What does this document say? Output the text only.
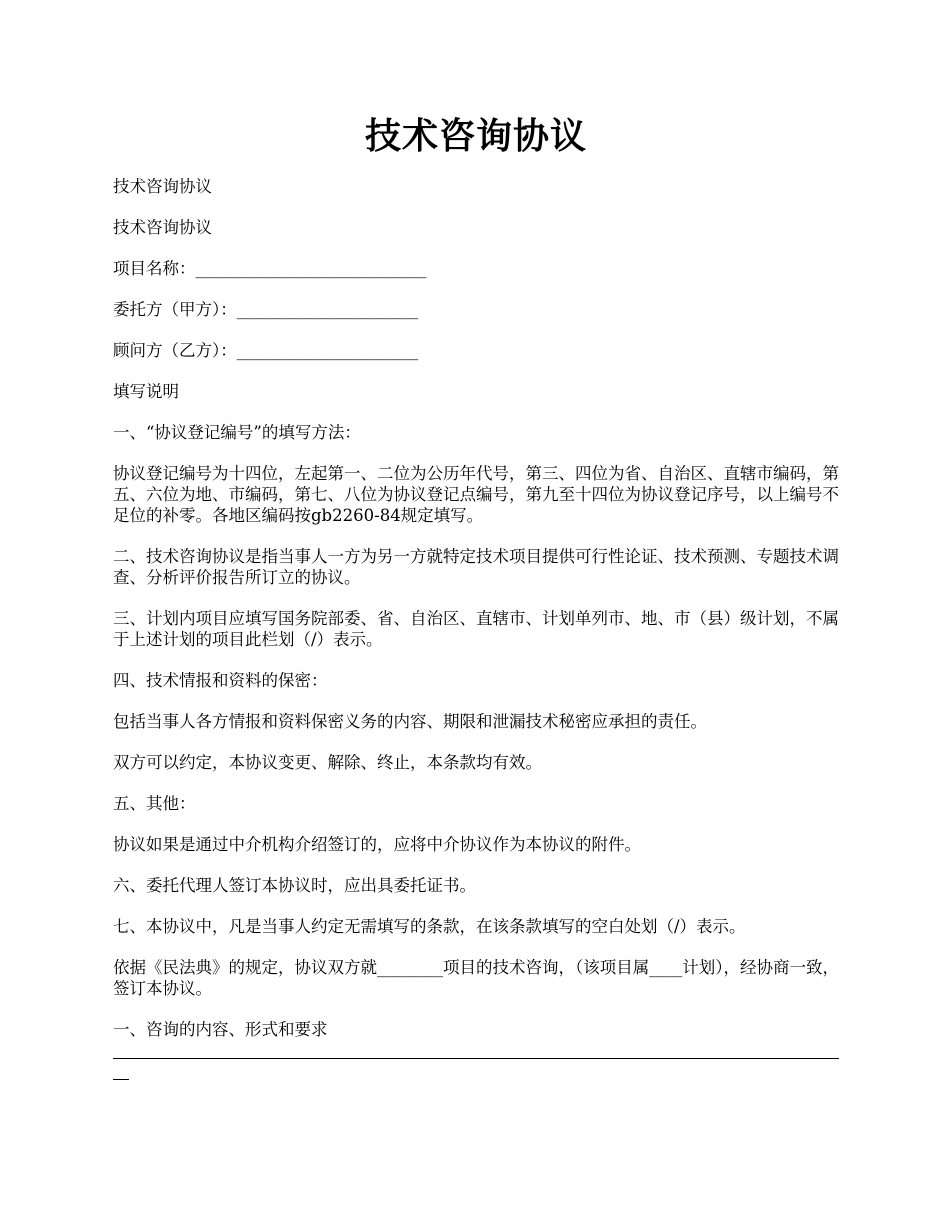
技术咨询协议

技术咨询协议

技术咨询协议

项目名称：____________________________

委托方（甲方）：______________________

顾问方（乙方）：______________________

填写说明

一、“协议登记编号”的填写方法：

协议登记编号为十四位，左起第一、二位为公历年代号，第三、四位为省、自治区、直辖市编码，第五、六位为地、市编码，第七、八位为协议登记点编号，第九至十四位为协议登记序号，以上编号不足位的补零。各地区编码按gb2260-84规定填写。

二、技术咨询协议是指当事人一方为另一方就特定技术项目提供可行性论证、技术预测、专题技术调查、分析评价报告所订立的协议。

三、计划内项目应填写国务院部委、省、自治区、直辖市、计划单列市、地、市（县）级计划，不属于上述计划的项目此栏划（/）表示。

四、技术情报和资料的保密：

包括当事人各方情报和资料保密义务的内容、期限和泄漏技术秘密应承担的责任。

双方可以约定，本协议变更、解除、终止，本条款均有效。

五、其他：

协议如果是通过中介机构介绍签订的，应将中介协议作为本协议的附件。

六、委托代理人签订本协议时，应出具委托证书。

七、本协议中，凡是当事人约定无需填写的条款，在该条款填写的空白处划（/）表示。

依据《民法典》的规定，协议双方就________项目的技术咨询，（该项目属____计划），经协商一致，签订本协议。

一、咨询的内容、形式和要求
